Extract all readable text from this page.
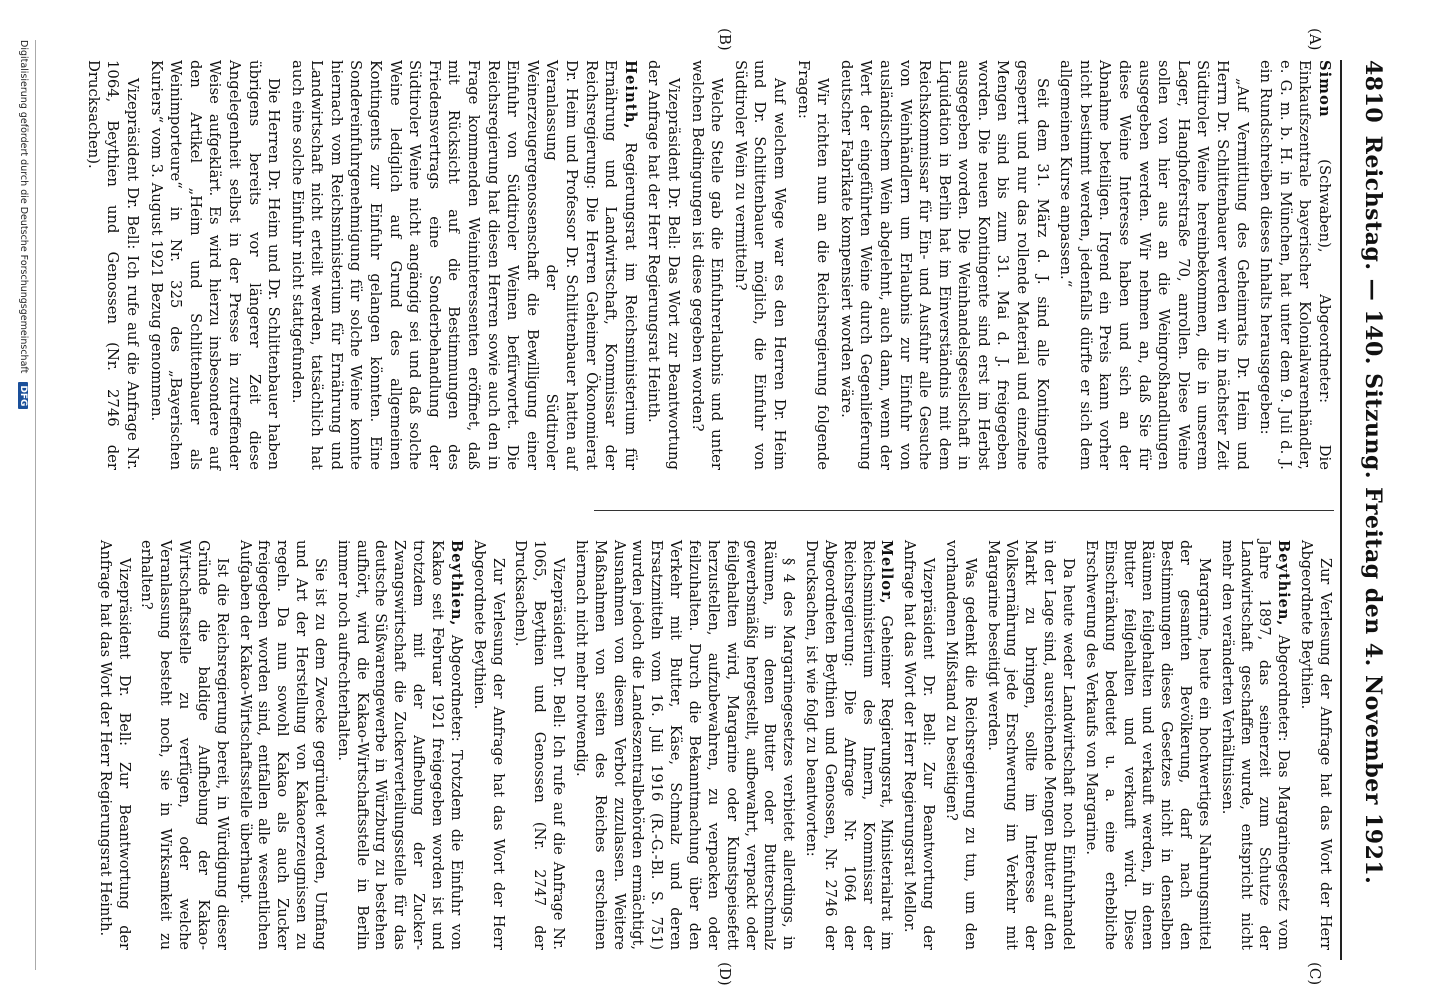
4810
Reichstag. — 140. Sitzung. Freitag den 4. November 1921.
(A)
(B)
(C)
(D)

Simon (Schwaben), Abgeordneter: Die Einkaufszentrale bayerischer Kolonialwarenhändler, e. G. m. b. H. in München, hat unter dem 9. Juli d. J. ein Rundschreiben dieses Inhalts herausgegeben:

„Auf Vermittlung des Geheimrats Dr. Heim und Herrn Dr. Schlittenbauer werden wir in nächster Zeit Südtiroler Weine hereinbekommen, die in unserem Lager, Hanghoferstraße 70, anrollen. Diese Weine sollen von hier aus an die Weingroßhandlungen ausgegeben werden. Wir nehmen an, daß Sie für diese Weine Interesse haben und sich an der Abnahme beteiligen. Irgend ein Preis kann vorher nicht bestimmt werden, jedenfalls dürfte er sich dem allgemeinen Kurse anpassen.“

Seit dem 31. März d. J. sind alle Kontingente gesperrt und nur das rollende Material und einzelne Mengen sind bis zum 31. Mai d. J. freigegeben worden. Die neuen Kontingente sind erst im Herbst ausgegeben worden. Die Weinhandelsgesellschaft in Liquidation in Berlin hat im Einverständnis mit dem Reichskommissar für Ein- und Ausfuhr alle Gesuche von Weinhändlern um Erlaubnis zur Einfuhr von ausländischem Wein abgelehnt, auch dann, wenn der Wert der eingeführten Weine durch Gegenlieferung deutscher Fabrikate kompensiert worden wäre.

Wir richten nun an die Reichsregierung folgende Fragen:

Auf welchem Wege war es den Herren Dr. Heim und Dr. Schlittenbauer möglich, die Einfuhr von Südtiroler Wein zu vermitteln?

Welche Stelle gab die Einfuhrerlaubnis und unter welchen Bedingungen ist diese gegeben worden?

Vizepräsident Dr. Bell: Das Wort zur Beantwortung der Anfrage hat der Herr Regierungsrat Heinth.

Heinth, Regierungsrat im Reichsministerium für Ernährung und Landwirtschaft, Kommissar der Reichsregierung: Die Herren Geheimer Ökonomierat Dr. Heim und Professor Dr. Schlittenbauer hatten auf Veranlassung der Südtiroler Weinerzeugergenossenschaft die Bewilligung einer Einfuhr von Südtiroler Weinen befürwortet. Die Reichsregierung hat diesen Herren sowie auch den in Frage kommenden Weininteressenten eröffnet, daß mit Rücksicht auf die Bestimmungen des Friedensvertrags eine Sonderbehandlung der Südtiroler Weine nicht angängig sei und daß solche Weine lediglich auf Grund des allgemeinen Kontingents zur Einfuhr gelangen könnten. Eine Sondereinfuhrgenehmigung für solche Weine konnte hiernach vom Reichsministerium für Ernährung und Landwirtschaft nicht erteilt werden, tatsächlich hat auch eine solche Einfuhr nicht stattgefunden.

Die Herren Dr. Heim und Dr. Schlittenbauer haben übrigens bereits vor längerer Zeit diese Angelegenheit selbst in der Presse in zutreffender Weise aufgeklärt. Es wird hierzu insbesondere auf den Artikel „Heim und Schlittenbauer als Weinimporteure“ in Nr. 325 des „Bayerischen Kuriers“ vom 3. August 1921 Bezug genommen.

Vizepräsident Dr. Bell: Ich rufe auf die Anfrage Nr. 1064, Beythien und Genossen (Nr. 2746 der Drucksachen).

Zur Verlesung der Anfrage hat das Wort der Herr Abgeordnete Beythien.

Beythien, Abgeordneter: Das Margarinegesetz vom Jahre 1897, das seinerzeit zum Schutze der Landwirtschaft geschaffen wurde, entspricht nicht mehr den veränderten Verhältnissen.

Margarine, heute ein hochwertiges Nahrungsmittel der gesamten Bevölkerung, darf nach den Bestimmungen dieses Gesetzes nicht in denselben Räumen feilgehalten und verkauft werden, in denen Butter feilgehalten und verkauft wird. Diese Einschränkung bedeutet u. a. eine erhebliche Erschwerung des Verkaufs von Margarine.

Da heute weder Landwirtschaft noch Einfuhrhandel in der Lage sind, ausreichende Mengen Butter auf den Markt zu bringen, sollte im Interesse der Volksernährung jede Erschwerung im Verkehr mit Margarine beseitigt werden.

Was gedenkt die Reichsregierung zu tun, um den vorhandenen Mißstand zu beseitigen?

Vizepräsident Dr. Bell: Zur Beantwortung der Anfrage hat das Wort der Herr Regierungsrat Mellor.

Mellor, Geheimer Regierungsrat, Ministerialrat im Reichsministerium des Innern, Kommissar der Reichsregierung: Die Anfrage Nr. 1064 der Abgeordneten Beythien und Genossen, Nr. 2746 der Drucksachen, ist wie folgt zu beantworten:

§ 4 des Margarinegesetzes verbietet allerdings, in Räumen, in denen Butter oder Butterschmalz gewerbsmäßig hergestellt, aufbewahrt, verpackt oder feilgehalten wird, Margarine oder Kunstspeisefett herzustellen, aufzubewahren, zu verpacken oder feilzuhalten. Durch die Bekanntmachung über den Verkehr mit Butter, Käse, Schmalz und deren Ersatzmitteln vom 16. Juli 1916 (R.-G.-Bl. S. 751) wurden jedoch die Landeszentralbehörden ermächtigt, Ausnahmen von diesem Verbot zuzulassen. Weitere Maßnahmen von seiten des Reiches erscheinen hiernach nicht mehr notwendig.

Vizepräsident Dr. Bell: Ich rufe auf die Anfrage Nr. 1065, Beythien und Genossen (Nr. 2747 der Drucksachen).

Zur Verlesung der Anfrage hat das Wort der Herr Abgeordnete Beythien.

Beythien, Abgeordneter: Trotzdem die Einfuhr von Kakao seit Februar 1921 freigegeben worden ist und trotzdem mit der Aufhebung der Zucker-Zwangswirtschaft die Zuckerverteilungsstelle für das deutsche Süßwarengewerbe in Würzburg zu bestehen aufhört, wird die Kakao-Wirtschaftsstelle in Berlin immer noch aufrechterhalten.

Sie ist zu dem Zwecke gegründet worden, Umfang und Art der Herstellung von Kakaoerzeugnissen zu regeln. Da nun sowohl Kakao als auch Zucker freigegeben worden sind, entfallen alle wesentlichen Aufgaben der Kakao-Wirtschaftsstelle überhaupt.

Ist die Reichsregierung bereit, in Würdigung dieser Gründe die baldige Aufhebung der Kakao-Wirtschaftsstelle zu verfügen, oder welche Veranlassung besteht noch, sie in Wirksamkeit zu erhalten?

Vizepräsident Dr. Bell: Zur Beantwortung der Anfrage hat das Wort der Herr Regierungsrat Heinth.

Digitalisierung gefördert durch die Deutsche Forschungsgemeinschaft DFG
